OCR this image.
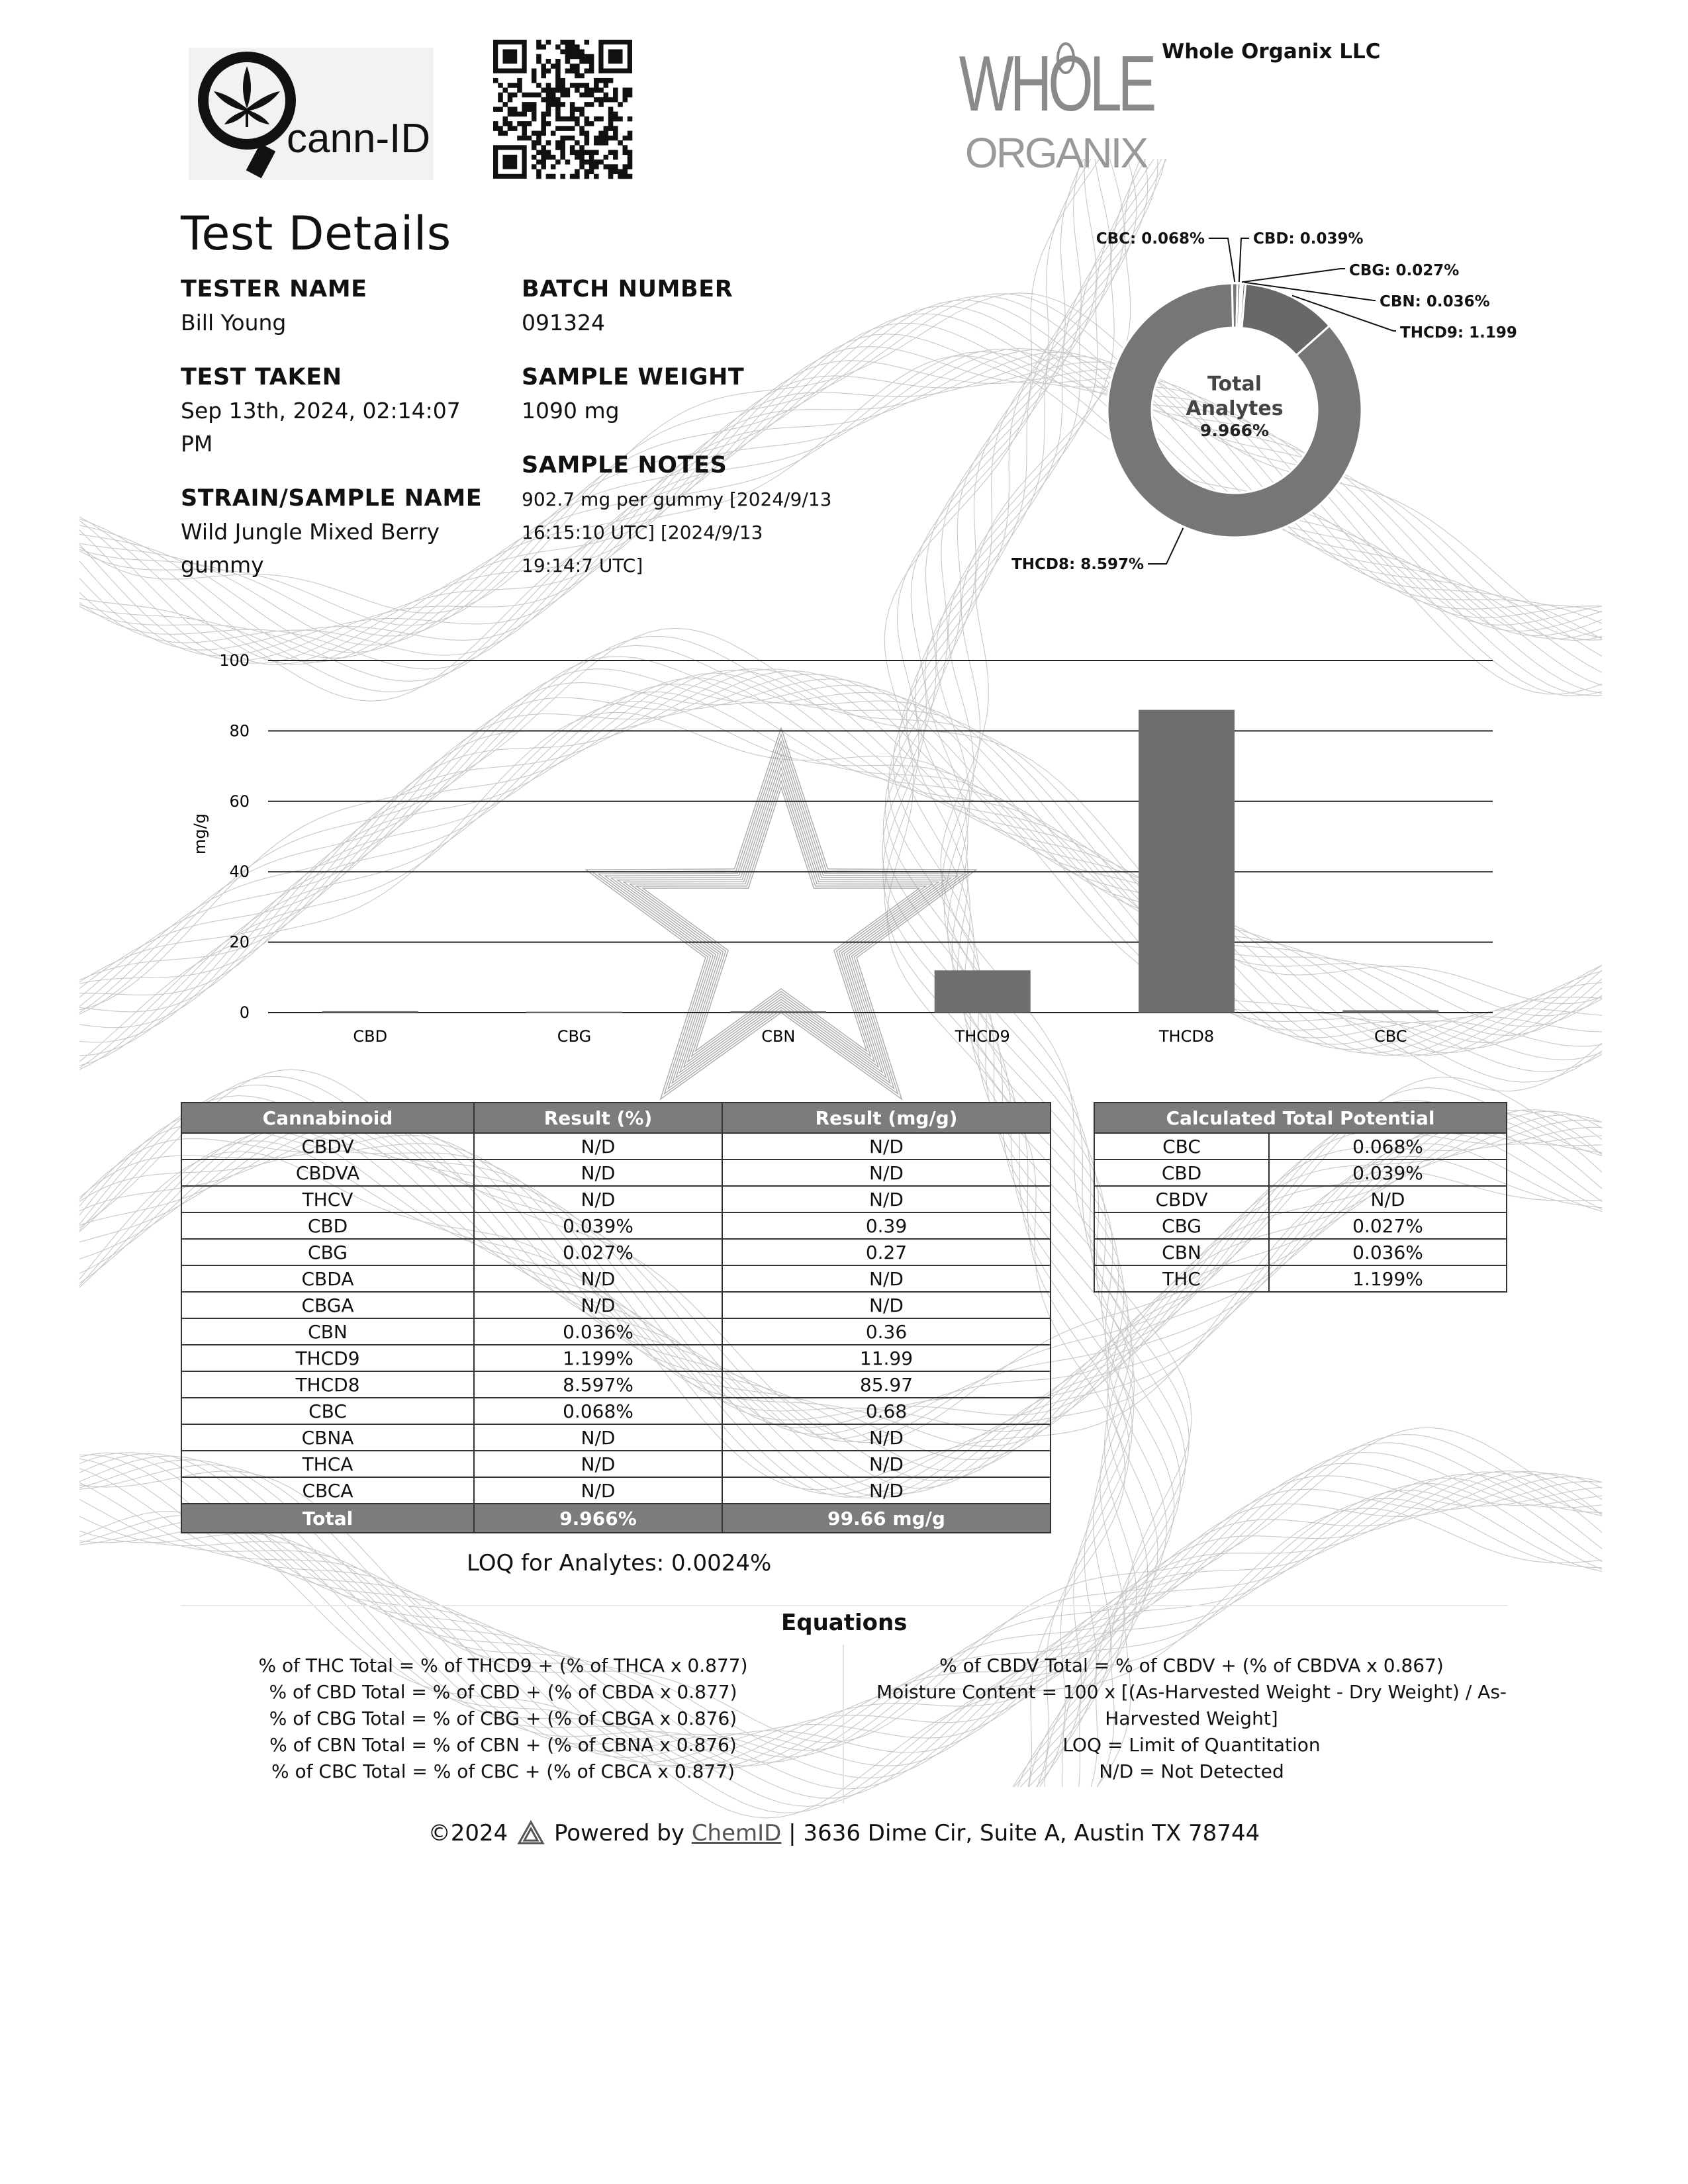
cann-ID
WHOLE
ORGANIX
Whole Organix LLC
Test Details
TESTER NAME
Bill Young
BATCH NUMBER
091324
TEST TAKEN
Sep 13th, 2024, 02:14:07
PM
SAMPLE WEIGHT
1090 mg
SAMPLE NOTES
902.7 mg per gummy [2024/9/13
16:15:10 UTC] [2024/9/13
19:14:7 UTC]
STRAIN/SAMPLE NAME
Wild Jungle Mixed Berry
gummy
CBC: 0.068%	CBD: 0.039%
CBG: 0.027%
CBN: 0.036%
THCD9: 1.199
THCD8: 8.597%
Total
Analytes
9.966%
0
20
40
60
80
100
CBD	CBG	CBN	THCD9	THCD8	CBC
mg/g
Cannabinoid	Result (%)	Result (mg/g)
CBDV	N/D	N/D
CBDVA	N/D	N/D
THCV	N/D	N/D
CBD	0.039%	0.39
CBG	0.027%	0.27
CBDA	N/D	N/D
CBGA	N/D	N/D
CBN	0.036%	0.36
THCD9	1.199%	11.99
THCD8	8.597%	85.97
CBC	0.068%	0.68
CBNA	N/D	N/D
THCA	N/D	N/D
CBCA	N/D	N/D
Total	9.966%	99.66 mg/g
Calculated Total Potential	
CBC	0.068%
CBD	0.039%
CBDV	N/D
CBG	0.027%
CBN	0.036%
THC	1.199%
LOQ for Analytes: 0.0024%
Equations
% of THC Total = % of THCD9 + (% of THCA x 0.877)
% of CBD Total = % of CBD + (% of CBDA x 0.877)
% of CBG Total = % of CBG + (% of CBGA x 0.876)
% of CBN Total = % of CBN + (% of CBNA x 0.876)
% of CBC Total = % of CBC + (% of CBCA x 0.877)
% of CBDV Total = % of CBDV + (% of CBDVA x 0.867)
Moisture Content = 100 x [(As-Harvested Weight - Dry Weight) / As-
Harvested Weight]
LOQ = Limit of Quantitation
N/D = Not Detected
©2024 Powered by ChemID | 3636 Dime Cir, Suite A, Austin TX 78744
